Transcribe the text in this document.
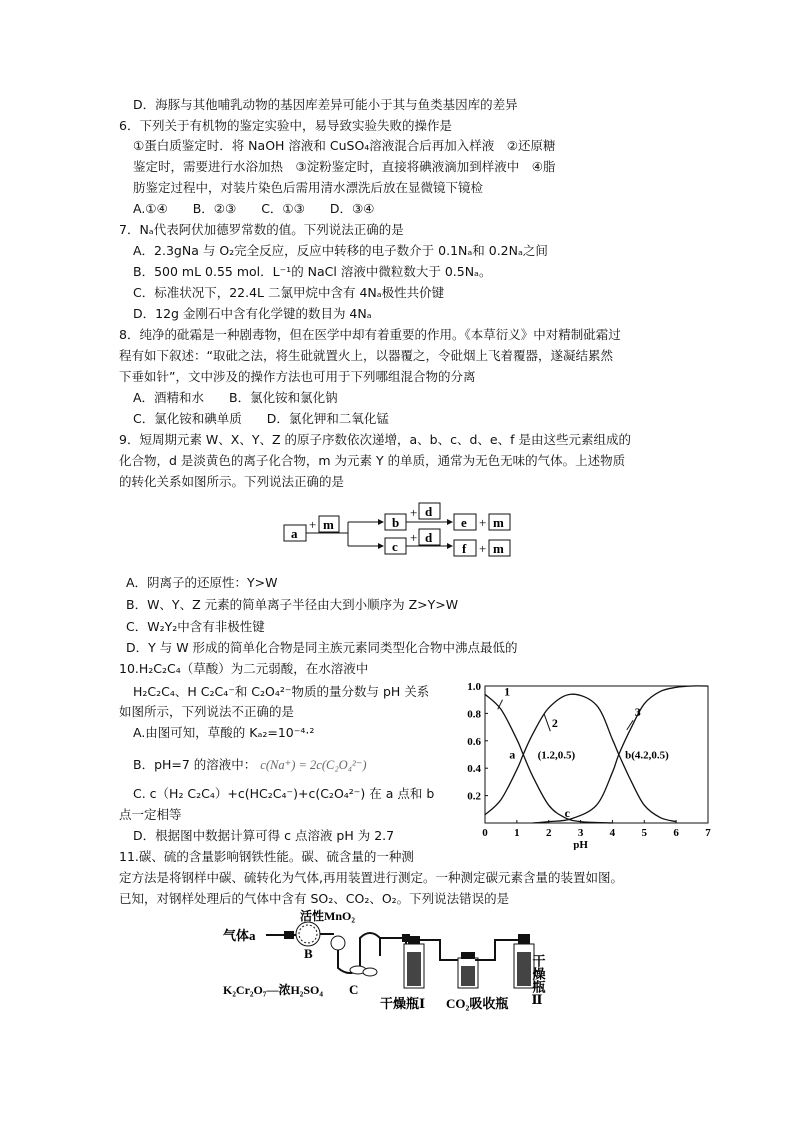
D．海豚与其他哺乳动物的基因库差异可能小于其与鱼类基因库的差异
6．下列关于有机物的鉴定实验中，易导致实验失败的操作是
①蛋白质鉴定时．将 NaOH 溶液和 CuSO₄溶液混合后再加入样液　②还原糖
鉴定时，需要进行水浴加热　③淀粉鉴定时，直接将碘液滴加到样液中　④脂
肪鉴定过程中，对装片染色后需用清水漂洗后放在显微镜下镜检
A.①④　　B．②③　　C．①③　　D．③④
7．Nₐ代表阿伏加德罗常数的值。下列说法正确的是
A．2.3gNa 与 O₂完全反应，反应中转移的电子数介于 0.1Nₐ和 0.2Nₐ之间
B．500 mL 0.55 mol．L⁻¹的 NaCl 溶液中微粒数大于 0.5Nₐ。
C．标准状况下，22.4L 二氯甲烷中含有 4Nₐ极性共价键
D．12g 金刚石中含有化学键的数目为 4Nₐ
8．纯净的砒霜是一种剧毒物，但在医学中却有着重要的作用。《本草衍义》中对精制砒霜过
程有如下叙述：“取砒之法，将生砒就置火上，以器覆之，令砒烟上飞着覆器，遂凝结累然
下垂如针”，文中涉及的操作方法也可用于下列哪组混合物的分离
A．酒精和水　　B．氯化铵和氯化钠
C．氯化铵和碘单质　　D．氯化钾和二氧化锰
9．短周期元素 W、X、Y、Z 的原子序数依次递增，a、b、c、d、e、f 是由这些元素组成的
化合物，d 是淡黄色的离子化合物，m 为元素 Y 的单质，通常为无色无味的气体。上述物质
的转化关系如图所示。下列说法正确的是
a
+ m	b
c
+ d
+ d
e + m
f + m
A．阴离子的还原性：Y>W
B．W、Y、Z 元素的简单离子半径由大到小顺序为 Z>Y>W
C．W₂Y₂中含有非极性键
D．Y 与 W 形成的简单化合物是同主族元素同类型化合物中沸点最低的
10.H₂C₂C₄（草酸）为二元弱酸，在水溶液中
H₂C₂C₄、H C₂C₄⁻和 C₂O₄²⁻物质的量分数与 pH 关系
如图所示，下列说法不正确的是
A.由图可知，草酸的 Kₐ₂=10⁻⁴·²
B．pH=7 的溶液中： c(Na⁺) = 2c(C₂O₄²⁻)
C. c（H₂ C₂C₄）+c(HC₂C₄⁻)+c(C₂O₄²⁻) 在 a 点和 b
点一定相等
D．根据图中数据计算可得 c 点溶液 pH 为 2.7
11.碳、硫的含量影响钢铁性能。碳、硫含量的一种测
定方法是将钢样中碳、硫转化为气体,再用装置进行测定。一种测定碳元素含量的装置如图。
已知，对钢样处理后的气体中含有 SO₂、CO₂、O₂。下列说法错误的是
0 1 2 3 4 5 6 7
0.2
0.4
0.6
0.8
1.0
pH
1
2
3
a (1.2,0.5)	b(4.2,0.5)
c
气体a
活性MnO₂
B
C
K₂Cr₂O₇—浓H₂SO₄
干燥瓶Ⅰ CO₂吸收瓶 干燥瓶Ⅱ
